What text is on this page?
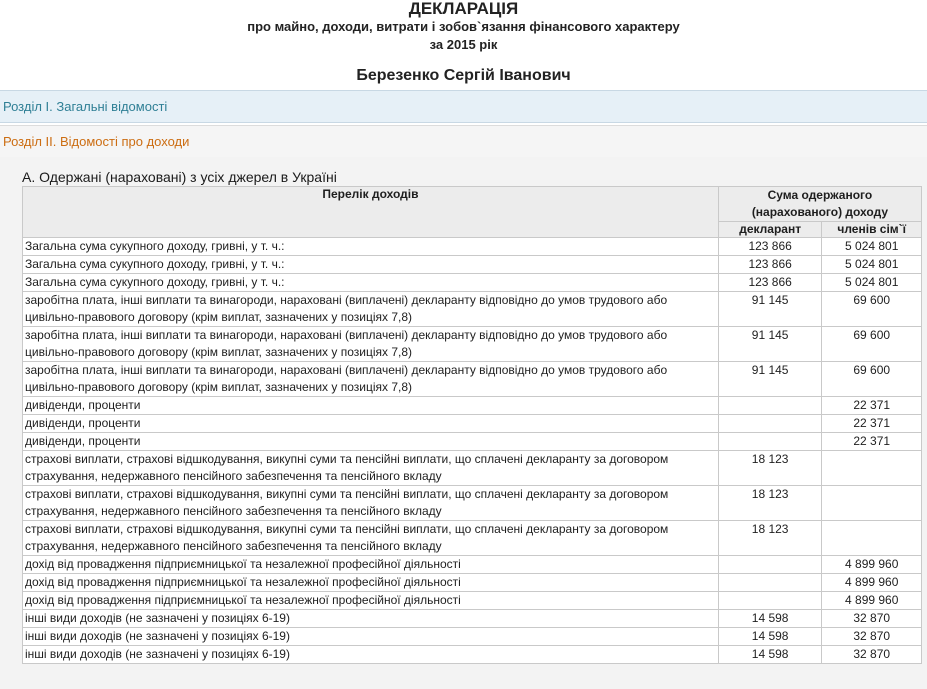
ДЕКЛАРАЦІЯ
про майно, доходи, витрати і зобов`язання фінансового характеру
за 2015 рік
Березенко Сергій Іванович
Розділ I. Загальні відомості
Розділ II. Відомості про доходи
А. Одержані (нараховані) з усіх джерел в Україні
Перелік доходів	Сума одержаного (нарахованого) доходу	
	декларант	членів сім`ї
Загальна сума сукупного доходу, гривні, у т. ч.:	123 866	5 024 801
Загальна сума сукупного доходу, гривні, у т. ч.:	123 866	5 024 801
Загальна сума сукупного доходу, гривні, у т. ч.:	123 866	5 024 801
заробітна плата, інші виплати та винагороди, нараховані (виплачені) декларанту відповідно до умов трудового або цивільно-правового договору (крім виплат, зазначених у позиціях 7,8)	91 145	69 600
заробітна плата, інші виплати та винагороди, нараховані (виплачені) декларанту відповідно до умов трудового або цивільно-правового договору (крім виплат, зазначених у позиціях 7,8)	91 145	69 600
заробітна плата, інші виплати та винагороди, нараховані (виплачені) декларанту відповідно до умов трудового або цивільно-правового договору (крім виплат, зазначених у позиціях 7,8)	91 145	69 600
дивіденди, проценти		22 371
дивіденди, проценти		22 371
дивіденди, проценти		22 371
страхові виплати, страхові відшкодування, викупні суми та пенсійні виплати, що сплачені декларанту за договором страхування, недержавного пенсійного забезпечення та пенсійного вкладу	18 123	
страхові виплати, страхові відшкодування, викупні суми та пенсійні виплати, що сплачені декларанту за договором страхування, недержавного пенсійного забезпечення та пенсійного вкладу	18 123	
страхові виплати, страхові відшкодування, викупні суми та пенсійні виплати, що сплачені декларанту за договором страхування, недержавного пенсійного забезпечення та пенсійного вкладу	18 123	
дохід від провадження підприємницької та незалежної професійної діяльності		4 899 960
дохід від провадження підприємницької та незалежної професійної діяльності		4 899 960
дохід від провадження підприємницької та незалежної професійної діяльності		4 899 960
інші види доходів (не зазначені у позиціях 6-19)	14 598	32 870
інші види доходів (не зазначені у позиціях 6-19)	14 598	32 870
інші види доходів (не зазначені у позиціях 6-19)	14 598	32 870
